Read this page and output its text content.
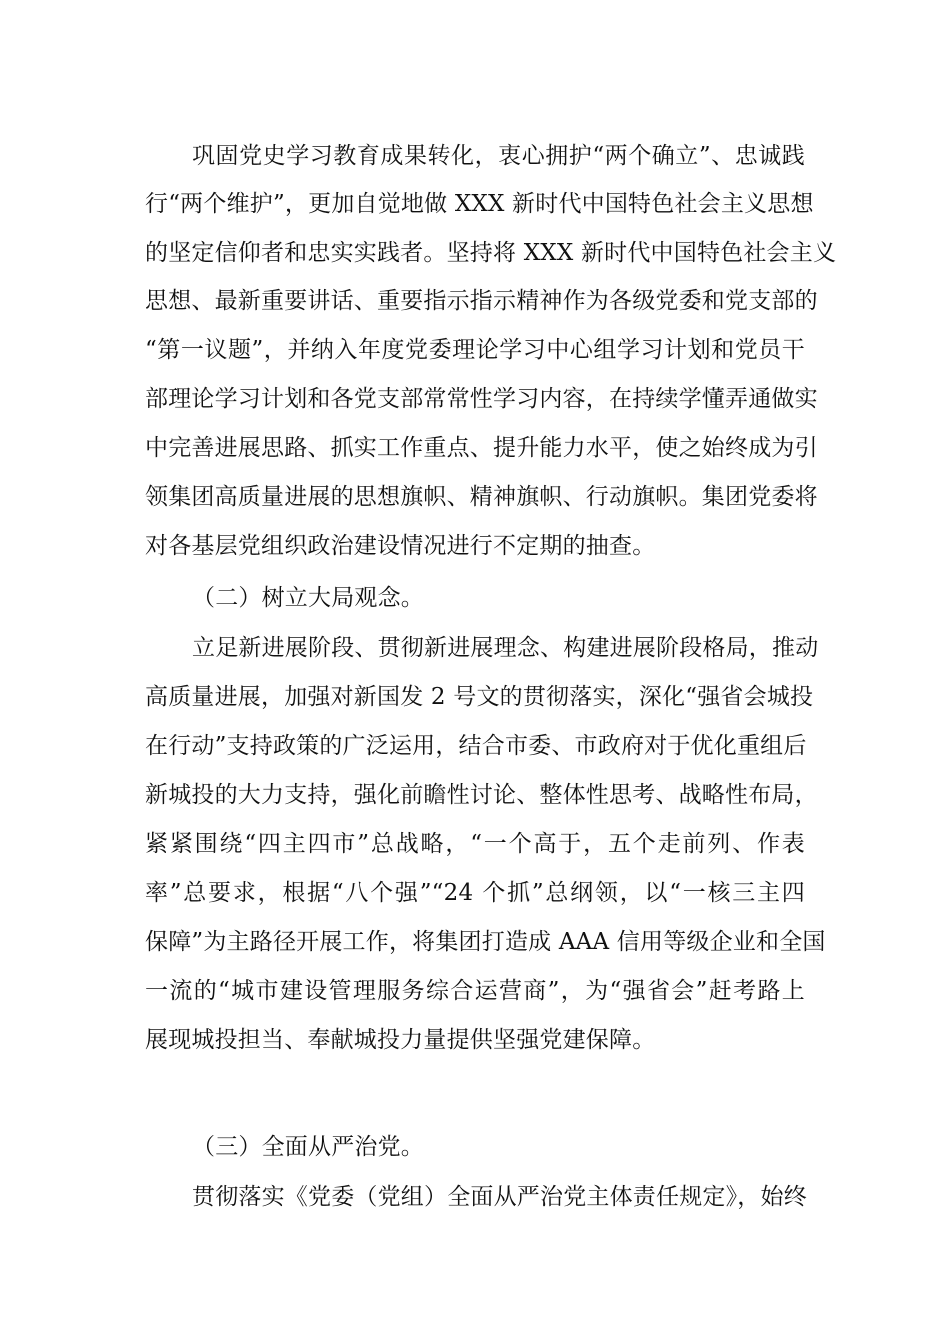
巩固党史学习教育成果转化，衷心拥护“两个确立”、忠诚践
行“两个维护”，更加自觉地做 XXX 新时代中国特色社会主义思想
的坚定信仰者和忠实实践者。坚持将 XXX 新时代中国特色社会主义
思想、最新重要讲话、重要指示指示精神作为各级党委和党支部的
“第一议题”，并纳入年度党委理论学习中心组学习计划和党员干
部理论学习计划和各党支部常常性学习内容，在持续学懂弄通做实
中完善进展思路、抓实工作重点、提升能力水平，使之始终成为引
领集团高质量进展的思想旗帜、精神旗帜、行动旗帜。集团党委将
对各基层党组织政治建设情况进行不定期的抽查。
（二）树立大局观念。
立足新进展阶段、贯彻新进展理念、构建进展阶段格局，推动
高质量进展，加强对新国发 2 号文的贯彻落实，深化“强省会城投
在行动”支持政策的广泛运用，结合市委、市政府对于优化重组后
新城投的大力支持，强化前瞻性讨论、整体性思考、战略性布局，
紧紧围绕“四主四市”总战略，“一个高于，五个走前列、作表
率”总要求，根据“八个强”“24 个抓”总纲领，以“一核三主四
保障”为主路径开展工作，将集团打造成 AAA 信用等级企业和全国
一流的“城市建设管理服务综合运营商”，为“强省会”赶考路上
展现城投担当、奉献城投力量提供坚强党建保障。
（三）全面从严治党。
贯彻落实《党委（党组）全面从严治党主体责任规定》，始终
